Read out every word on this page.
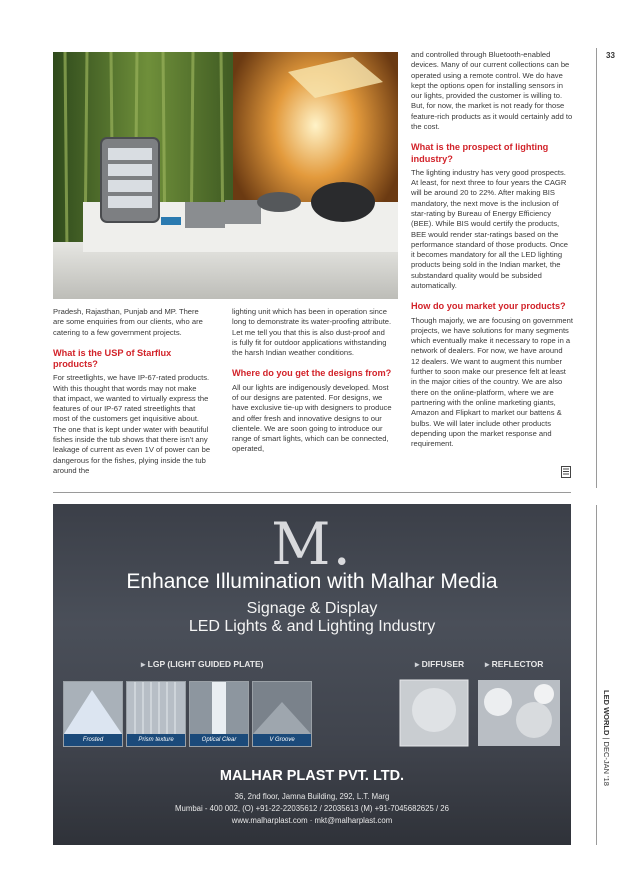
33
LED WORLD | DEC-JAN '18

Pradesh, Rajasthan, Punjab and MP. There are some enquiries from our clients, who are catering to a few government projects.

What is the USP of Starflux products?

For streetlights, we have IP-67-rated products. With this thought that words may not make that impact, we wanted to virtually express the features of our IP-67 rated streetlights that most of the customers get inquisitive about. The one that is kept under water with beautiful fishes inside the tub shows that there isn't any leakage of current as even 1V of power can be dangerous for the fishes, plying inside the tub around the

lighting unit which has been in operation since long to demonstrate its water-proofing attribute. Let me tell you that this is also dust-proof and is fully fit for outdoor applications withstanding the harsh Indian weather conditions.

Where do you get the designs from?

All our lights are indigenously developed. Most of our designs are patented. For designs, we have exclusive tie-up with designers to produce and offer fresh and innovative designs to our clientele. We are soon going to introduce our range of smart lights, which can be connected, operated,

and controlled through Bluetooth-enabled devices. Many of our current collections can be operated using a remote control. We do have kept the options open for installing sensors in our lights, provided the customer is willing to. But, for now, the market is not ready for those feature-rich products as it would certainly add to the cost.

What is the prospect of lighting industry?

The lighting industry has very good prospects. At least, for next three to four years the CAGR will be around 20 to 22%. After making BIS mandatory, the next move is the inclusion of star-rating by Bureau of Energy Efficiency (BEE). While BIS would certify the products, BEE would render star-ratings based on the performance standard of those products. Once it becomes mandatory for all the LED lighting products being sold in the Indian market, the substandard quality would be subsided automatically.

How do you market your products?

Though majorly, we are focusing on government projects, we have solutions for many segments which eventually make it necessary to rope in a network of dealers. For now, we have around 12 dealers. We want to augment this number further to soon make our presence felt at least in the major cities of the country. We are also there on the online-platform, where we are partnering with the online marketing giants, Amazon and Flipkart to market our battens & bulbs. We will later include other products depending upon the market response and requirement.

M.
Enhance Illumination with Malhar Media
Signage & Display
LED Lights & and Lighting Industry
▸ LGP (LIGHT GUIDED PLATE)	▸ DIFFUSER ▸ REFLECTOR
Frosted	Prism texture	Optical Clear	V Groove
MALHAR PLAST PVT. LTD.
36, 2nd floor, Jamna Building, 292, L.T. Marg
Mumbai - 400 002, (O) +91-22-22035612 / 22035613 (M) +91-7045682625 / 26
www.malharplast.com · mkt@malharplast.com
